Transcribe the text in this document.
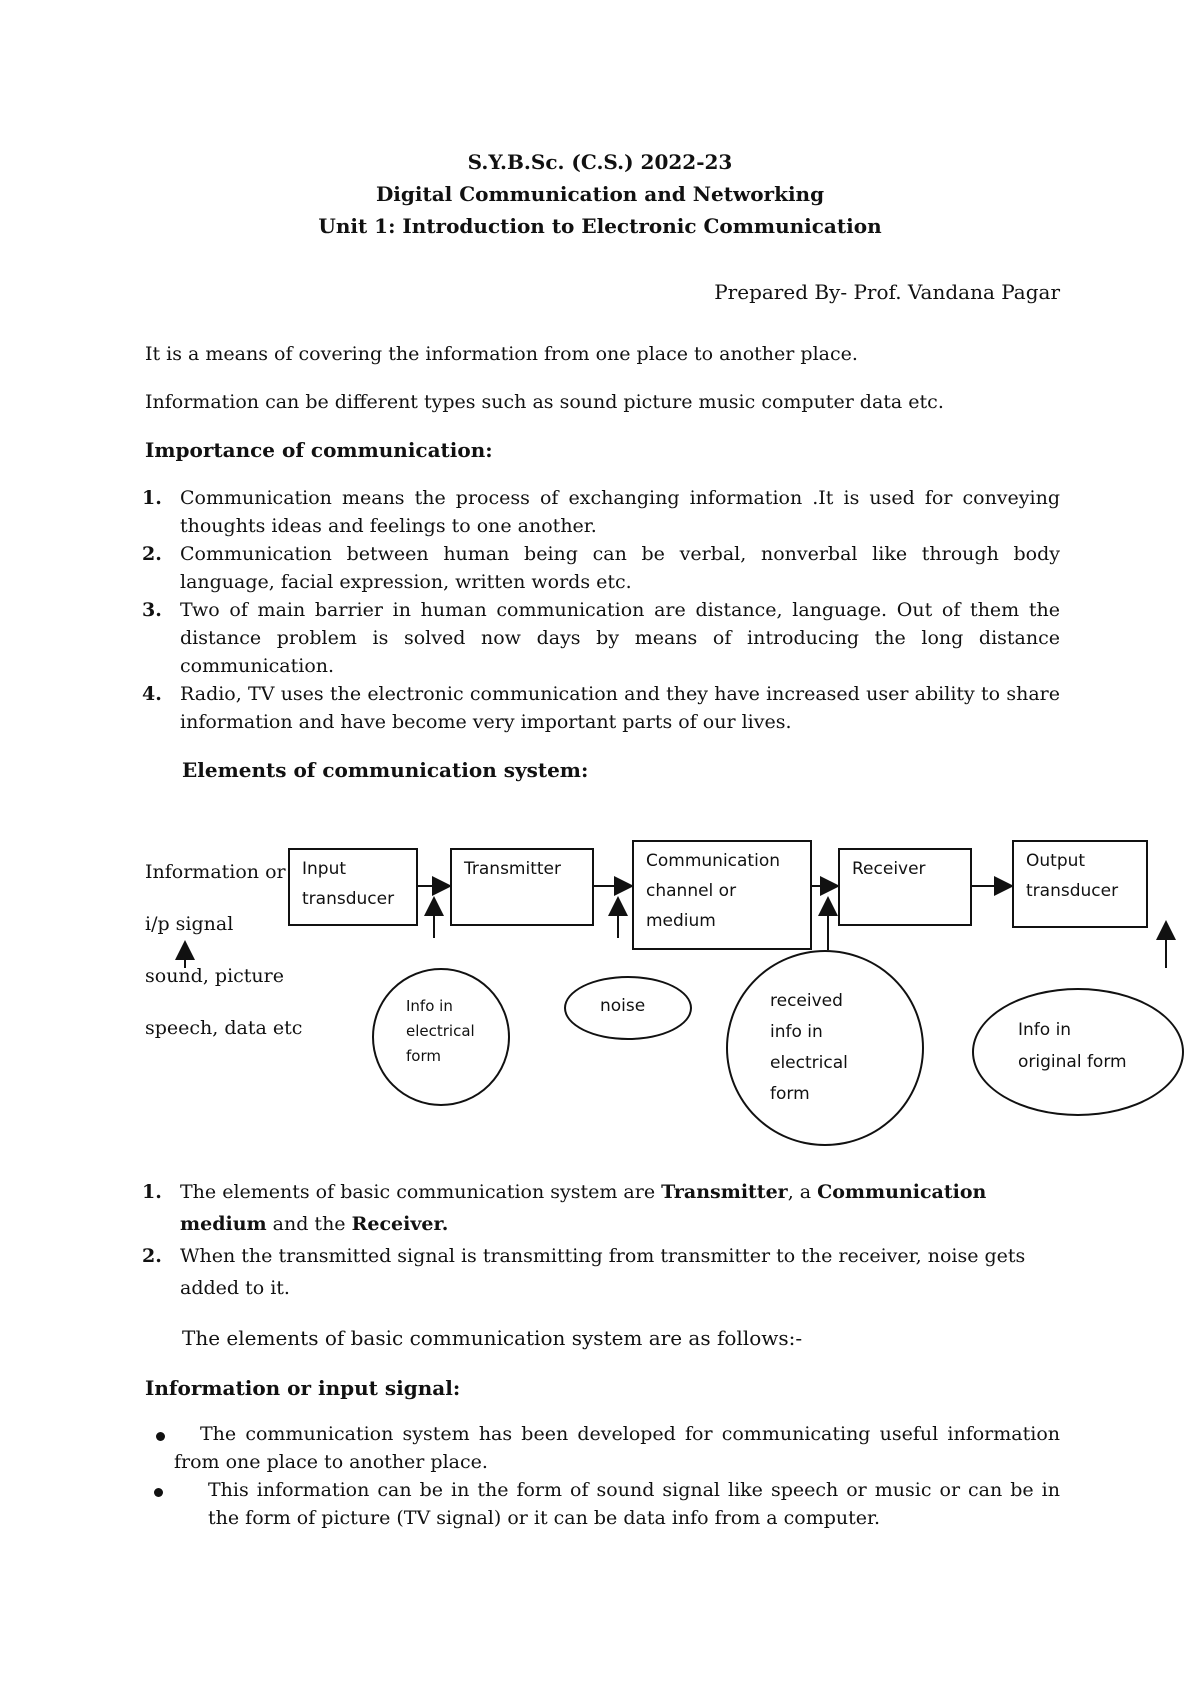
S.Y.B.Sc. (C.S.) 2022-23
Digital Communication and Networking
Unit 1: Introduction to Electronic Communication
Prepared By- Prof. Vandana Pagar
It is a means of covering the information from one place to another place.
Information can be different types such as sound picture music computer data etc.
Importance of communication:
1. Communication means the process of exchanging information .It is used for conveying thoughts ideas and feelings to one another.
2. Communication between human being can be verbal, nonverbal like through body language, facial expression, written words etc.
3. Two of main barrier in human communication are distance, language. Out of them the distance problem is solved now days by means of introducing the long distance communication.
4. Radio, TV uses the electronic communication and they have increased user ability to share information and have become very important parts of our lives.
Elements of communication system:
Information or
i/p signal
sound, picture
speech, data etc
Input
transducer
Transmitter	Communication
channel or
medium
Receiver	Output
transducer
Info in
electrical
form
noise	received
info in
electrical
form
Info in
original form
1. The elements of basic communication system are Transmitter, a Communication medium and the Receiver.
2. When the transmitted signal is transmitting from transmitter to the receiver, noise gets added to it.
The elements of basic communication system are as follows:-
Information or input signal:
The communication system has been developed for communicating useful information from one place to another place.
This information can be in the form of sound signal like speech or music or can be in the form of picture (TV signal) or it can be data info from a computer.
